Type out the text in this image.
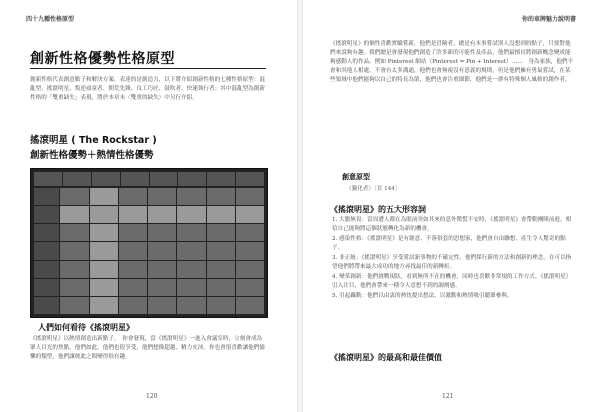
四十九種性格原型
創新性格優勢性格原型
創新性格代表創意點子和解決方案。表達的是創造力，以下將介紹創新性格的七種性格原型：混亂型、搖滾明星、叛逆頑童者、開荒先鋒、良工巧匠、鼓吹者、快速執行者；其中混亂型為創新性格的「雙重缺失」表現，將於本章末〈雙重的缺失〉中另行介紹。
搖滾明星 ( The Rockstar )
創新性格優勢＋熱情性格優勢
人們如何看待《搖滾明星》
《搖滾明星》以熱情創造出新點子。　你會發現，當《搖滾明星》一進入會議室時，立刻會成為眾人目光的焦點。他們如此，他們也很享受，他們想像超越、精力充沛。你也會很喜歡讓他們偷懶的類型，他們讓彼此之間變得很有趣。
120
你的車牌魅力說明書
《搖滾明星》的個性喜歡實驗嘗新，他們是冒險者，總是有本事嘗試別人沒想到的點子，只要對他們來說夠有趣。我們總是會發現他們創造了許多新的可能性及產品，他們最擅長將創新概念變成能夠感動人的作品。例如 Pinterest 網站（Pinterest = Pin + Interest）……　身為家族，他們不會和其他人相處，不會有太多溝通，他們也會無視沒有意義的規則。但是他們擁有勇氣嘗試，在某些領域中他們能夠以自己的特長為榮，他們也會注重細節，他們是一群有特殊個人風格的創作者。
創意原型
（獵化者）〔頁 144〕
《搖滾明星》的五大形容詞
1. 大膽無畏：當周遭人都在為眼前突如其來的意外驚慌不安時，《搖滾明星》會帶動團隊前進，相信自己能夠將這個狀態轉化為新的機會。
2. 感染性格：《搖滾明星》是有創意、不落俗套的思想家，他們會自由聯想，產生令人驚奇的點子。
3. 非正統：《搖滾明星》享受嘗試新事物的不確定性，他們採行新的方法和創新的理念，在可以指望他們將帶來最大成功的地方尋找最佳的新轉折。
4. 變革創新：他們挑戰現狀，看到無所不在的機會，同時也喜歡非常規的工作方式。《搖滾明星》引入注目，他們會帶來一種令人意想不到的調劑感。
5. 引起轟動：他們以由衷的熱忱提出想法，以激動和熱情吸引聽眾參與。
《搖滾明星》的最高和最佳價值
121
